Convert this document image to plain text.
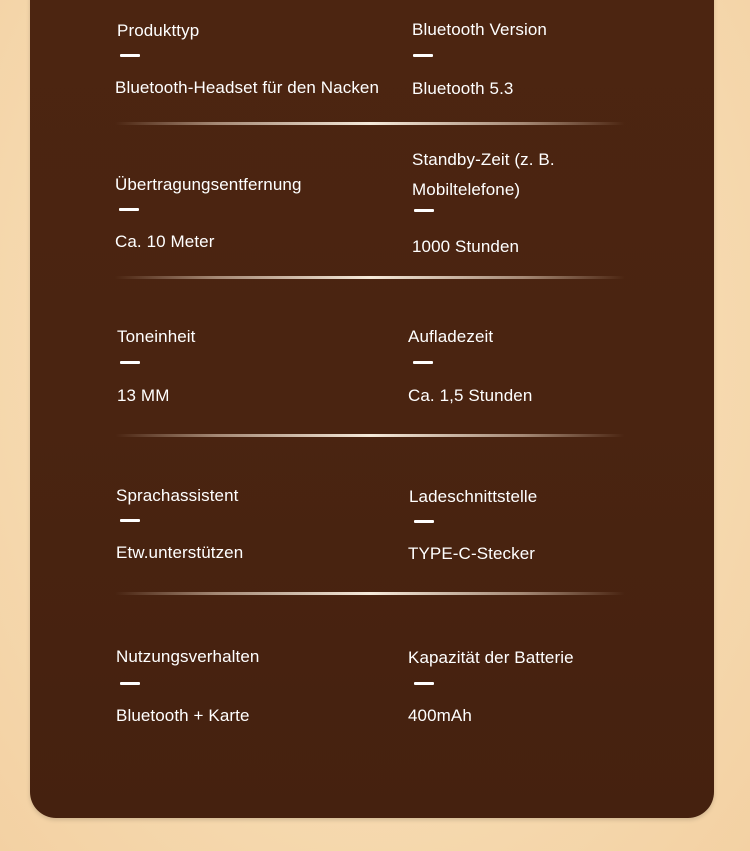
Produkttyp
Bluetooth-Headset für den Nacken
Bluetooth Version
Bluetooth 5.3
Übertragungsentfernung
Ca. 10 Meter
Standby-Zeit (z. B. Mobiltelefone)
1000 Stunden
Toneinheit
13 MM
Aufladezeit
Ca. 1,5 Stunden
Sprachassistent
Etw.unterstützen
Ladeschnittstelle
TYPE-C-Stecker
Nutzungsverhalten
Bluetooth + Karte
Kapazität der Batterie
400mAh
